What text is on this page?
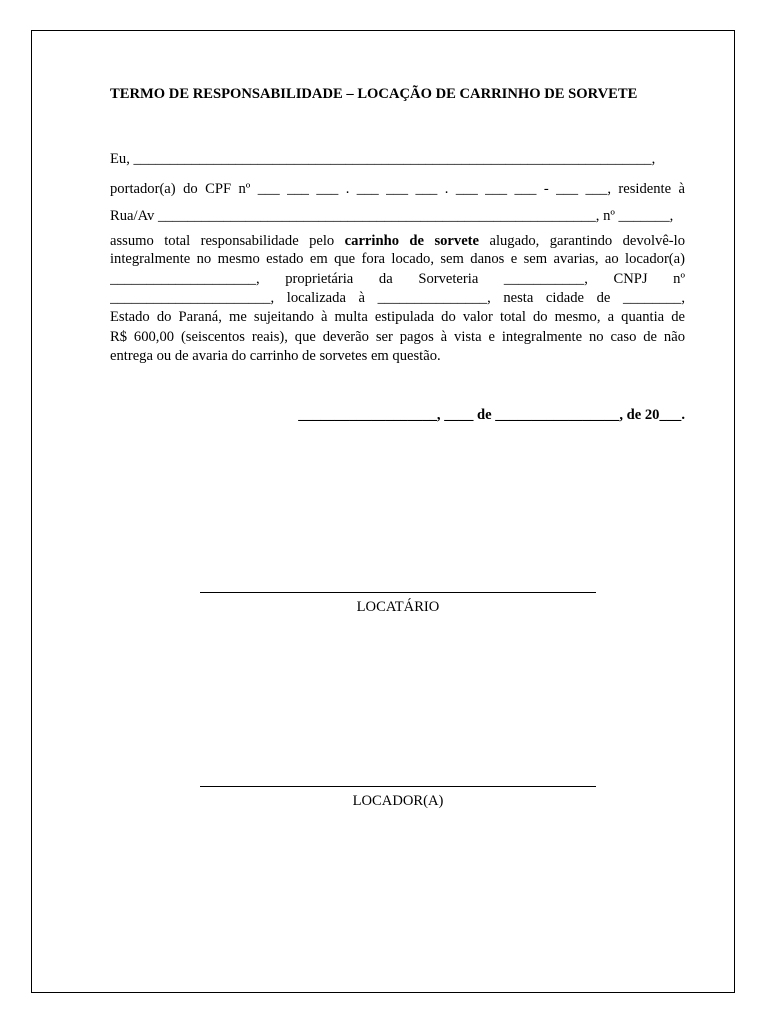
TERMO DE RESPONSABILIDADE – LOCAÇÃO DE CARRINHO DE SORVETE
Eu, _______________________________________________________________________,
portador(a) do CPF nº ___ ___ ___ . ___ ___ ___ . ___ ___ ___ - ___ ___, residente à
Rua/Av ____________________________________________________________, nº _______,
assumo total responsabilidade pelo carrinho de sorvete alugado, garantindo devolvê-lo
integralmente no mesmo estado em que fora locado, sem danos e sem avarias, ao locador(a)
____________________, proprietária da Sorveteria ___________, CNPJ nº
______________________, localizada à _______________, nesta cidade de ________,
Estado do Paraná, me sujeitando à multa estipulada do valor total do mesmo, a quantia de
R$ 600,00 (seiscentos reais), que deverão ser pagos à vista e integralmente no caso de não
entrega ou de avaria do carrinho de sorvetes em questão.
___________________, ____ de _________________, de 20___.
LOCATÁRIO
LOCADOR(A)
